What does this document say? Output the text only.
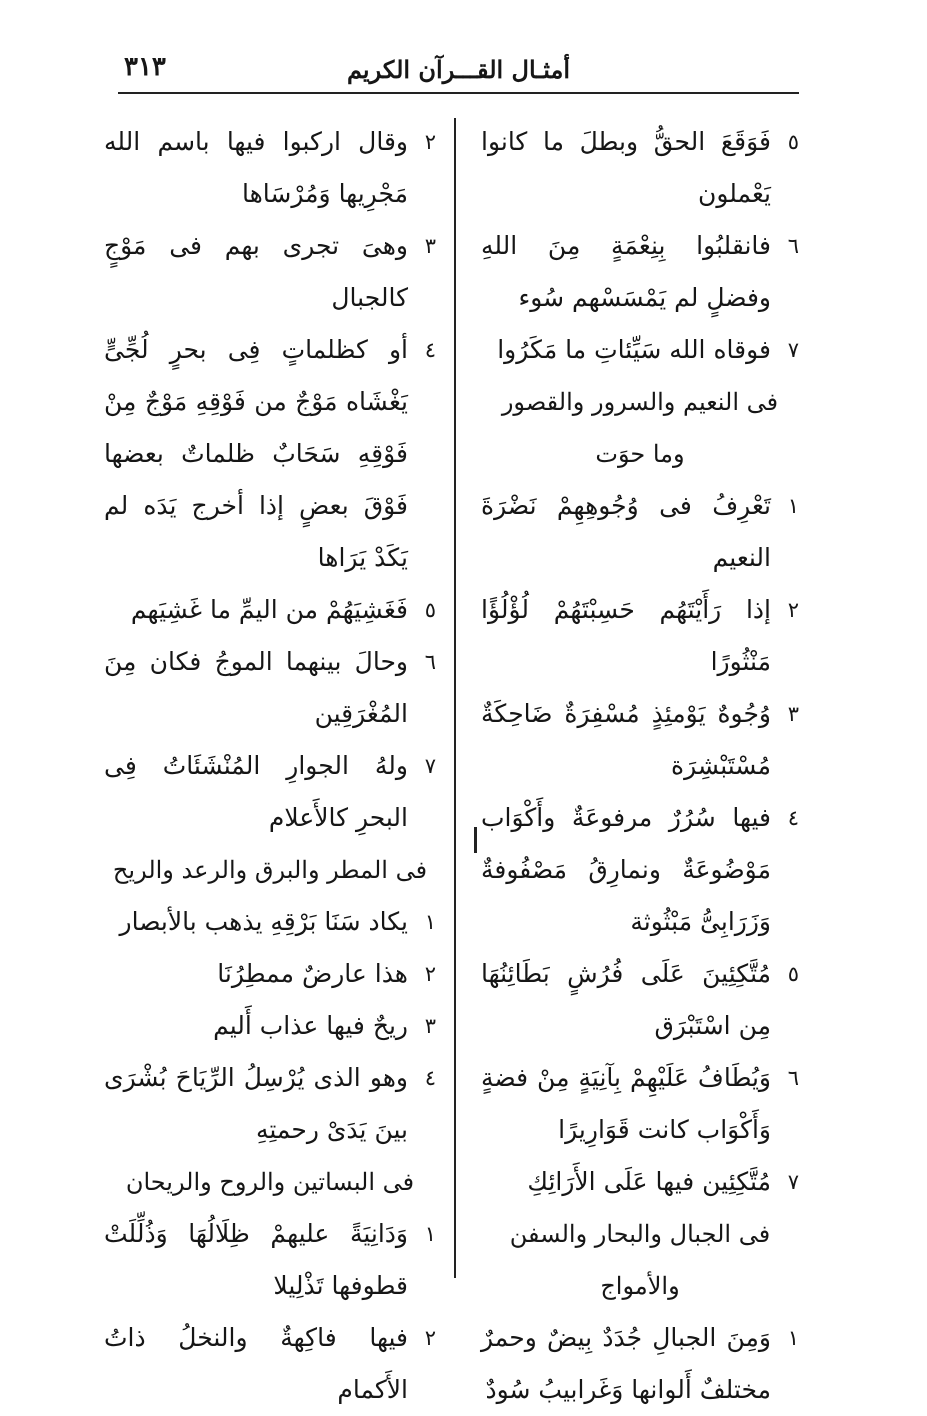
أمثـال القـــرآن الكريم
٣١٣
٥
فَوَقَعَ الحقُّ وبطلَ ما كانوا يَعْملون
٦
فانقلبُوا بِنِعْمَةٍ مِنَ اللهِ وفضلٍ لم يَمْسَسْهم سُوء
٧
فوقاه الله سَيِّئاتِ ما مَكَرُوا
فى النعيم والسرور والقصور
وما حوَت
١
تَعْرِفُ فى وُجُوهِهِمْ نَضْرَةَ النعيم
٢
إذا رَأَيْتَهُم حَسِبْتَهُمْ لُؤْلُؤًا مَنْثُورًا
٣
وُجُوهٌ يَوْمئِذٍ مُسْفِرَةٌ ضَاحِكَةٌ مُسْتَبْشِرَة
٤
فيها سُرُرٌ مرفوعَةٌ وأَكْوَاب مَوْضُوعَةٌ ونمارِقُ مَصْفُوفةٌ وَزَرَابِىُّ مَبْثُوثة
٥
مُتَّكِئِينَ عَلَى فُرُشٍ بَطَائِنُهَا مِن اسْتَبْرَق
٦
وَيُطَافُ عَلَيْهِمْ بِآنِيَةٍ مِنْ فضةٍ وَأَكْوَاب كانت قَوَارِيرًا
٧
مُتَّكِئِين فيها عَلَى الأَرَائِكِ
فى الجبال والبحار والسفن والأمواج
١
وَمِنَ الجبالِ جُدَدٌ بِيضٌ وحمرٌ مختلفٌ أَلوانها وَغَرابيبُ سُودٌ
٢
وقال اركبوا فيها باسم الله مَجْرِيها وَمُرْسَاها
٣
وهىَ تجرى بهم فى مَوْجٍ كالجبال
٤
أو كظلماتٍ فِى بحرٍ لُجِّىٍّ يَغْشَاه مَوْجٌ من فَوْقِهِ مَوْجٌ مِنْ فَوْقِهِ سَحَابٌ ظلماتٌ بعضها فَوْقَ بعضٍ إذا أخرج يَدَه لم يَكَدْ يَرَاها
٥
فَغَشِيَهُمْ من اليمِّ ما غَشِيَهم
٦
وحالَ بينهما الموجُ فكان مِنَ المُغْرَقِين
٧
ولهُ الجوارِ المُنْشَئَاتُ فِى البحرِ كالأَعلام
فى المطر والبرق والرعد والريح
١
يكاد سَنَا بَرْقِهِ يذهب بالأبصار
٢
هذا عارضٌ ممطِرُنَا
٣
ريحٌ فيها عذاب أَليم
٤
وهو الذى يُرْسِلُ الرِّيَاحَ بُشْرَى بينَ يَدَىْ رحمتِهِ
فى البساتين والروح والريحان
١
وَدَانِيَةً عليهمْ ظِلَالُهَا وَذُلِّلَتْ قطوفها تَذْلِيلا
٢
فيها فاكِهةٌ والنخلُ ذاتُ الأَكمام
